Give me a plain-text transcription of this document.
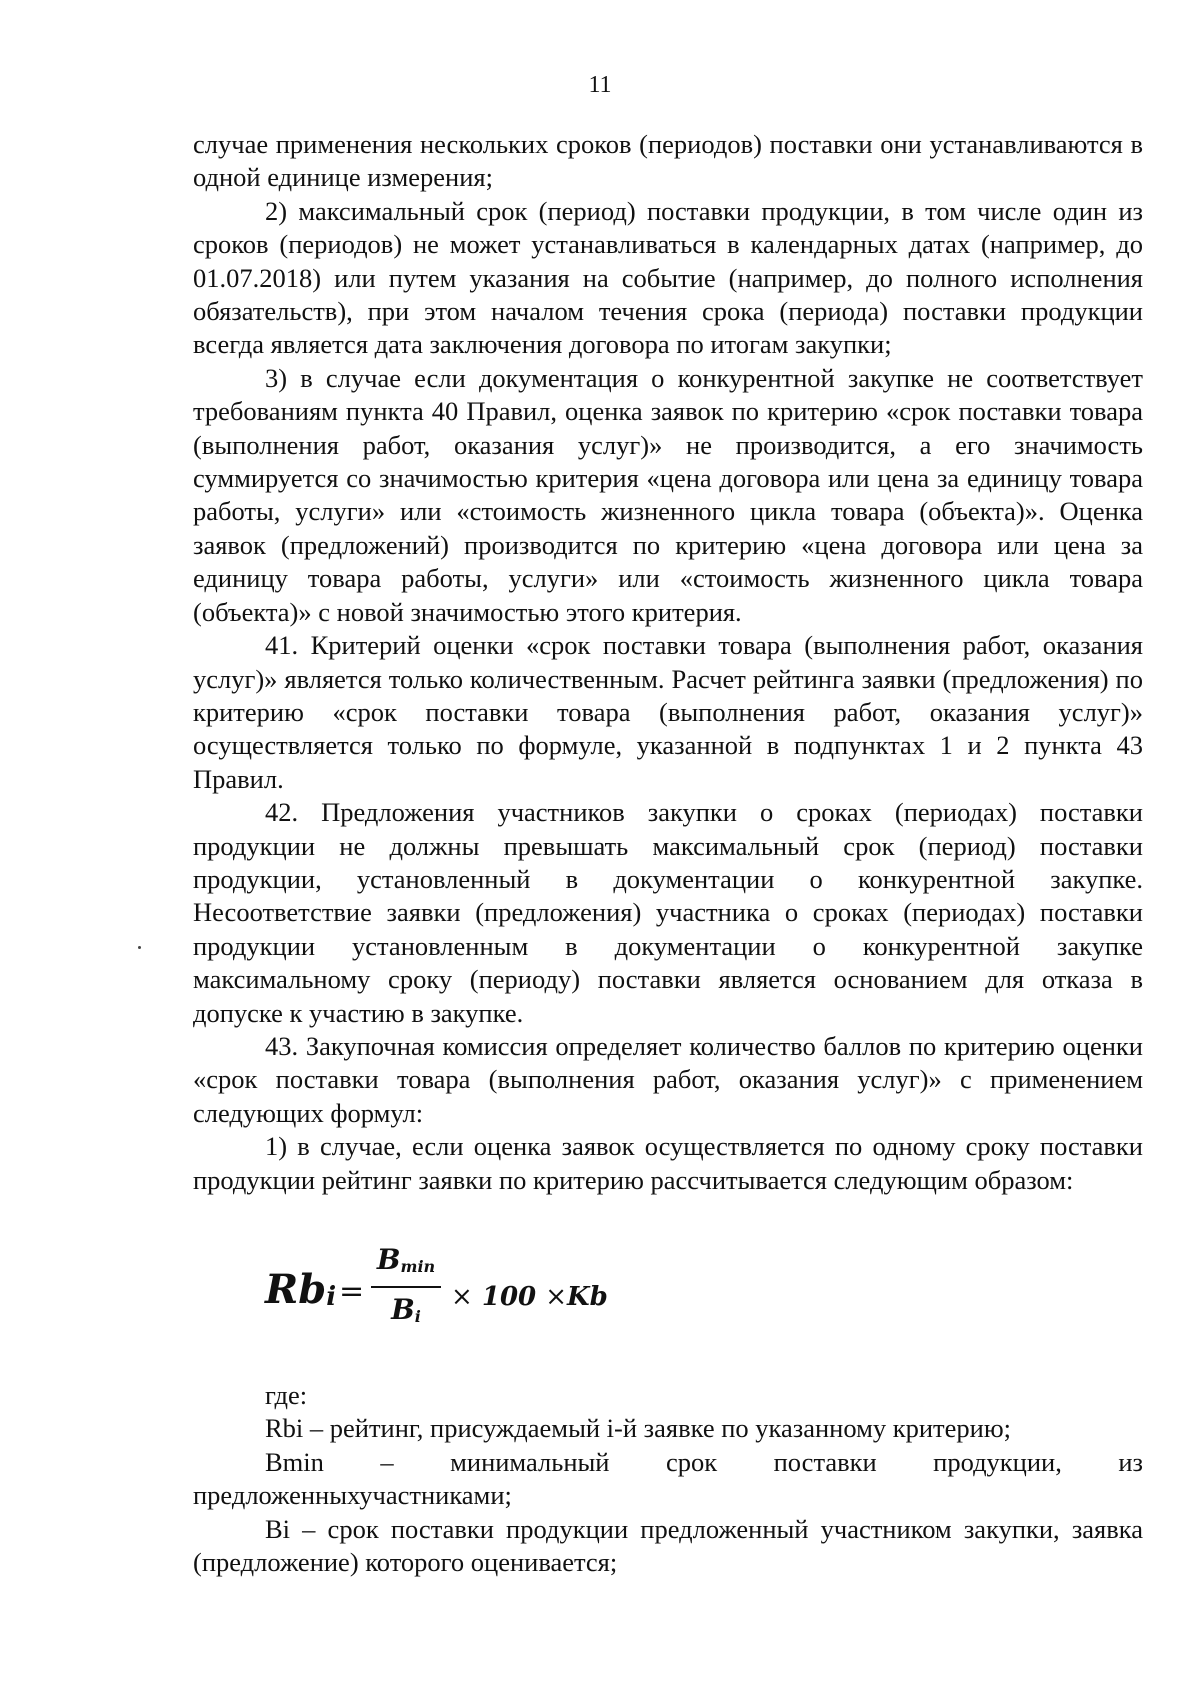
11

случае применения нескольких сроков (периодов) поставки они устанавливаются в одной единице измерения;

2) максимальный срок (период) поставки продукции, в том числе один из сроков (периодов) не может устанавливаться в календарных датах (например, до 01.07.2018) или путем указания на событие (например, до полного исполнения обязательств), при этом началом течения срока (периода) поставки продукции всегда является дата заключения договора по итогам закупки;

3) в случае если документация о конкурентной закупке не соответствует требованиям пункта 40 Правил, оценка заявок по критерию «срок поставки товара (выполнения работ, оказания услуг)» не производится, а его значимость суммируется со значимостью критерия «цена договора или цена за единицу товара работы, услуги» или «стоимость жизненного цикла товара (объекта)». Оценка заявок (предложений) производится по критерию «цена договора или цена за единицу товара работы, услуги» или «стоимость жизненного цикла товара (объекта)» с новой значимостью этого критерия.

41. Критерий оценки «срок поставки товара (выполнения работ, оказания услуг)» является только количественным. Расчет рейтинга заявки (предложения) по критерию «срок поставки товара (выполнения работ, оказания услуг)» осуществляется только по формуле, указанной в подпунктах 1 и 2 пункта 43 Правил.

42. Предложения участников закупки о сроках (периодах) поставки продукции не должны превышать максимальный срок (период) поставки продукции, установленный в документации о конкурентной закупке. Несоответствие заявки (предложения) участника о сроках (периодах) поставки продукции установленным в документации о конкурентной закупке максимальному сроку (периоду) поставки является основанием для отказа в допуске к участию в закупке.

43. Закупочная комиссия определяет количество баллов по критерию оценки «срок поставки товара (выполнения работ, оказания услуг)» с применением следующих формул:

1) в случае, если оценка заявок осуществляется по одному сроку поставки продукции рейтинг заявки по критерию рассчитывается следующим образом:

$Rb_i$ =
$B_{min}$
$B_i$
× 100 ×Kb

где:

Rbi – рейтинг, присуждаемый i-й заявке по указанному критерию;

Bmin – минимальный срок поставки продукции, из предложенныхучастниками;

Bi – срок поставки продукции предложенный участником закупки, заявка (предложение) которого оценивается;
